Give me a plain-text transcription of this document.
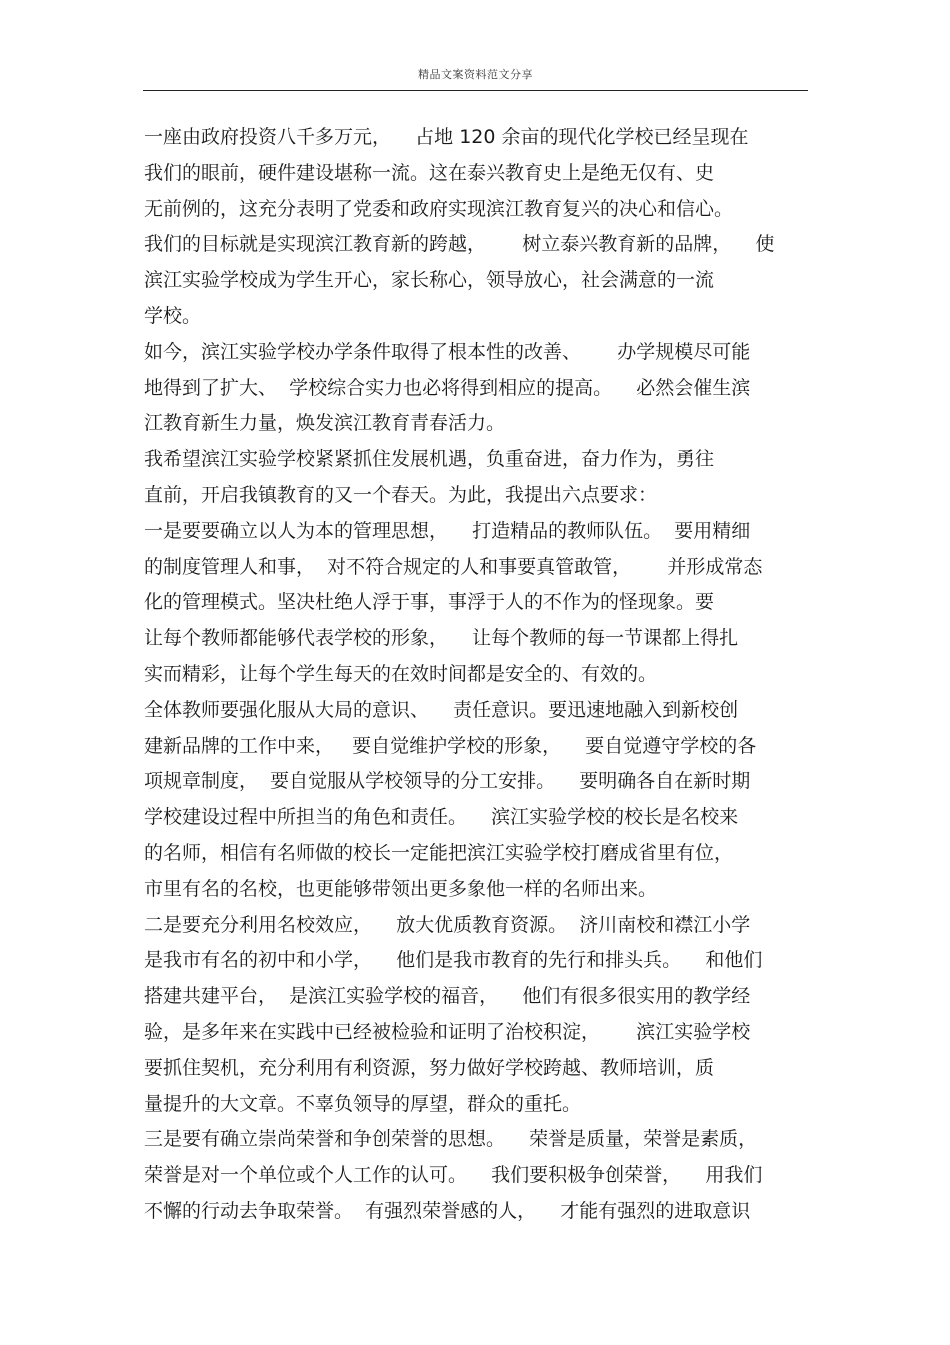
精品文案资料范文分享
一座由政府投资八千多万元，    占地 120 余亩的现代化学校已经呈现在
我们的眼前，硬件建设堪称一流。这在泰兴教育史上是绝无仅有、史
无前例的，这充分表明了党委和政府实现滨江教育复兴的决心和信心。
我们的目标就是实现滨江教育新的跨越，      树立泰兴教育新的品牌，    使
滨江实验学校成为学生开心，家长称心，领导放心，社会满意的一流
学校。
如今，滨江实验学校办学条件取得了根本性的改善、      办学规模尽可能
地得到了扩大、  学校综合实力也必将得到相应的提高。    必然会催生滨
江教育新生力量，焕发滨江教育青春活力。
我希望滨江实验学校紧紧抓住发展机遇，负重奋进，奋力作为，勇往
直前，开启我镇教育的又一个春天。为此，我提出六点要求：
一是要要确立以人为本的管理思想，    打造精品的教师队伍。  要用精细
的制度管理人和事，  对不符合规定的人和事要真管敢管，      并形成常态
化的管理模式。坚决杜绝人浮于事，事浮于人的不作为的怪现象。要
让每个教师都能够代表学校的形象，    让每个教师的每一节课都上得扎
实而精彩，让每个学生每天的在效时间都是安全的、有效的。
全体教师要强化服从大局的意识、    责任意识。要迅速地融入到新校创
建新品牌的工作中来，   要自觉维护学校的形象，    要自觉遵守学校的各
项规章制度，  要自觉服从学校领导的分工安排。    要明确各自在新时期
学校建设过程中所担当的角色和责任。    滨江实验学校的校长是名校来
的名师，相信有名师做的校长一定能把滨江实验学校打磨成省里有位，
市里有名的名校，也更能够带领出更多象他一样的名师出来。
二是要充分利用名校效应，    放大优质教育资源。  济川南校和襟江小学
是我市有名的初中和小学，    他们是我市教育的先行和排头兵。    和他们
搭建共建平台，  是滨江实验学校的福音，    他们有很多很实用的教学经
验，是多年来在实践中已经被检验和证明了治校积淀，      滨江实验学校
要抓住契机，充分利用有利资源，努力做好学校跨越、教师培训，质
量提升的大文章。不辜负领导的厚望，群众的重托。
三是要有确立崇尚荣誉和争创荣誉的思想。    荣誉是质量，荣誉是素质，
荣誉是对一个单位或个人工作的认可。    我们要积极争创荣誉，    用我们
不懈的行动去争取荣誉。  有强烈荣誉感的人，    才能有强烈的进取意识
